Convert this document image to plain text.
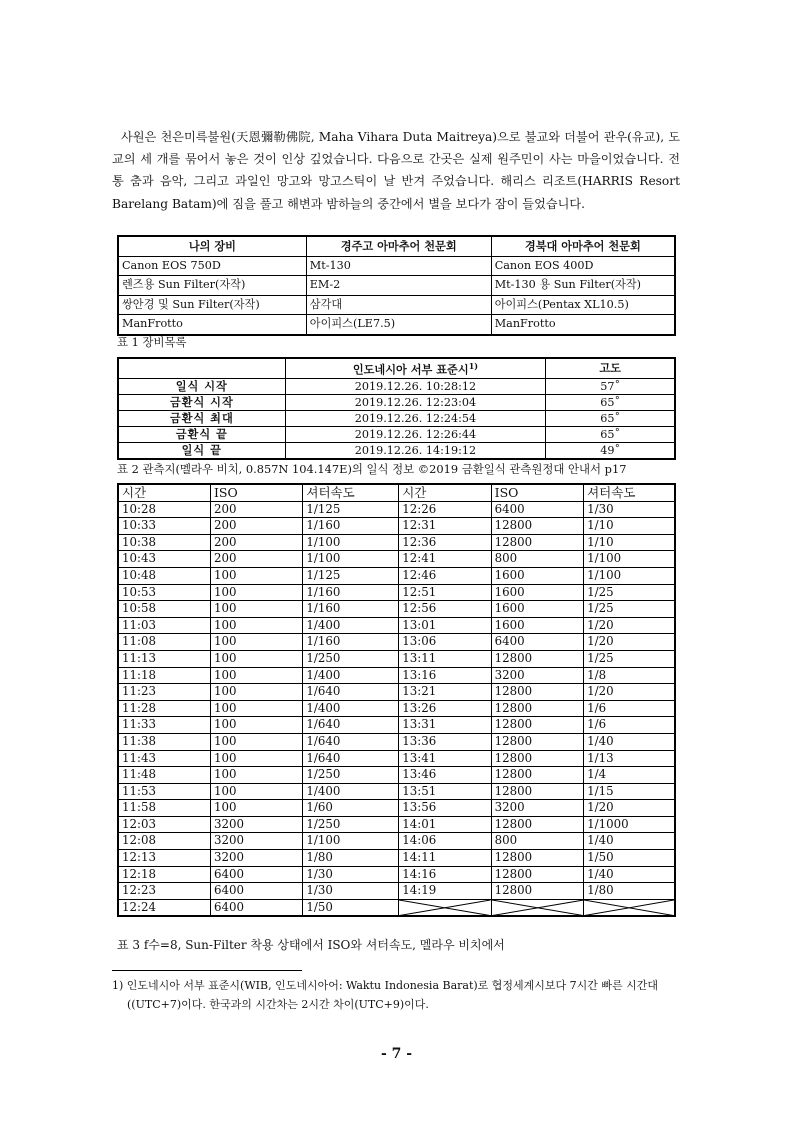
사원은 천은미륵불원(天恩彌勒佛院, Maha Vihara Duta Maitreya)으로 불교와 더불어 관우(유교), 도교의 세 개를 묶어서 놓은 것이 인상 깊었습니다. 다음으로 간곳은 실제 원주민이 사는 마을이었습니다. 전통 춤과 음악, 그리고 과일인 망고와 망고스틱이 날 반겨 주었습니다. 해리스 리조트(HARRIS Resort Barelang Batam)에 짐을 풀고 해변과 밤하늘의 중간에서 별을 보다가 잠이 들었습니다.

나의 장비	경주고 아마추어 천문회	경북대 아마추어 천문회
Canon EOS 750D	Mt-130	Canon EOS 400D
렌즈용 Sun Filter(자작)	EM-2	Mt-130 용 Sun Filter(자작)
쌍안경 및 Sun Filter(자작)	삼각대	아이피스(Pentax XL10.5)
ManFrotto	아이피스(LE7.5)	ManFrotto

표 1 장비목록

	인도네시아 서부 표준시$^{1)}$	고도
일식 시작	2019.12.26. 10:28:12	57˚
금환식 시작	2019.12.26. 12:23:04	65˚
금환식 최대	2019.12.26. 12:24:54	65˚
금환식 끝	2019.12.26. 12:26:44	65˚
일식 끝	2019.12.26. 14:19:12	49˚

표 2 관측지(멜라우 비치, 0.857N 104.147E)의 일식 정보 ©2019 금환일식 관측원정대 안내서 p17

시간	ISO	셔터속도	시간	ISO	셔터속도
10:28	200	1/125	12:26	6400	1/30
10:33	200	1/160	12:31	12800	1/10
10:38	200	1/100	12:36	12800	1/10
10:43	200	1/100	12:41	800	1/100
10:48	100	1/125	12:46	1600	1/100
10:53	100	1/160	12:51	1600	1/25
10:58	100	1/160	12:56	1600	1/25
11:03	100	1/400	13:01	1600	1/20
11:08	100	1/160	13:06	6400	1/20
11:13	100	1/250	13:11	12800	1/25
11:18	100	1/400	13:16	3200	1/8
11:23	100	1/640	13:21	12800	1/20
11:28	100	1/400	13:26	12800	1/6
11:33	100	1/640	13:31	12800	1/6
11:38	100	1/640	13:36	12800	1/40
11:43	100	1/640	13:41	12800	1/13
11:48	100	1/250	13:46	12800	1/4
11:53	100	1/400	13:51	12800	1/15
11:58	100	1/60	13:56	3200	1/20
12:03	3200	1/250	14:01	12800	1/1000
12:08	3200	1/100	14:06	800	1/40
12:13	3200	1/80	14:11	12800	1/50
12:18	6400	1/30	14:16	12800	1/40
12:23	6400	1/30	14:19	12800	1/80
12:24	6400	1/50	

표 3 f수=8, Sun-Filter 착용 상태에서 ISO와 셔터속도, 멜라우 비치에서

1) 인도네시아 서부 표준시(WIB, 인도네시아어: Waktu Indonesia Barat)로 협정세계시보다 7시간 빠른 시간대((UTC+7)이다. 한국과의 시간차는 2시간 차이(UTC+9)이다.

- 7 -
